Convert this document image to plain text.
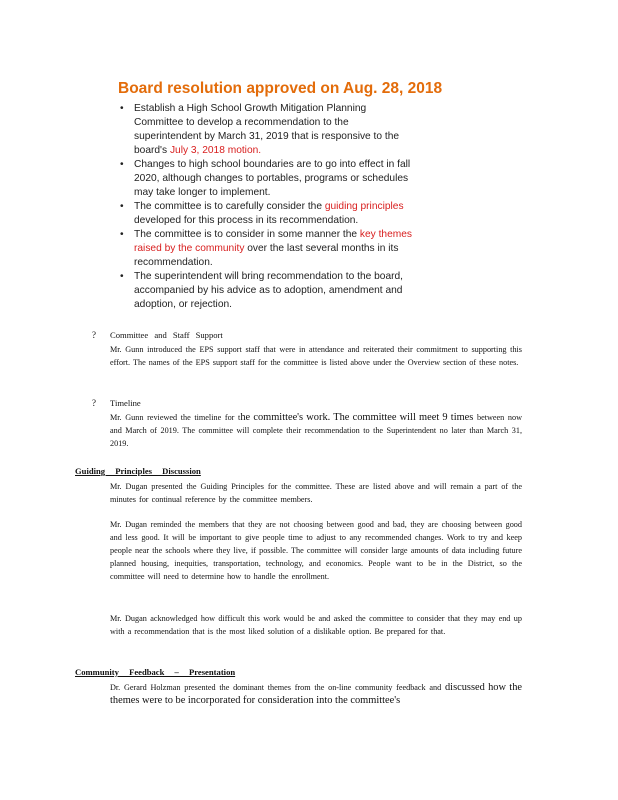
Board resolution approved on Aug. 28, 2018
• Establish a High School Growth Mitigation Planning Committee to develop a recommendation to the superintendent by March 31, 2019 that is responsive to the board's July 3, 2018 motion.
• Changes to high school boundaries are to go into effect in fall 2020, although changes to portables, programs or schedules may take longer to implement.
• The committee is to carefully consider the guiding principles developed for this process in its recommendation.
• The committee is to consider in some manner the key themes raised by the community over the last several months in its recommendation.
• The superintendent will bring recommendation to the board, accompanied by his advice as to adoption, amendment and adoption, or rejection.
? Committee and Staff Support
Mr. Gunn introduced the EPS support staff that were in attendance and reiterated their commitment to supporting this effort. The names of the EPS support staff for the committee is listed above under the Overview section of these notes.
? Timeline
Mr. Gunn reviewed the timeline for the committee's work. The committee will meet 9 times between now and March of 2019. The committee will complete their recommendation to the Superintendent no later than March 31, 2019.
Guiding Principles Discussion
Mr. Dugan presented the Guiding Principles for the committee. These are listed above and will remain a part of the minutes for continual reference by the committee members.
Mr. Dugan reminded the members that they are not choosing between good and bad, they are choosing between good and less good. It will be important to give people time to adjust to any recommended changes. Work to try and keep people near the schools where they live, if possible. The committee will consider large amounts of data including future planned housing, inequities, transportation, technology, and economics. People want to be in the District, so the committee will need to determine how to handle the enrollment.
Mr. Dugan acknowledged how difficult this work would be and asked the committee to consider that they may end up with a recommendation that is the most liked solution of a dislikable option. Be prepared for that.
Community Feedback – Presentation
Dr. Gerard Holzman presented the dominant themes from the on-line community feedback and discussed how the themes were to be incorporated for consideration into the committee's
